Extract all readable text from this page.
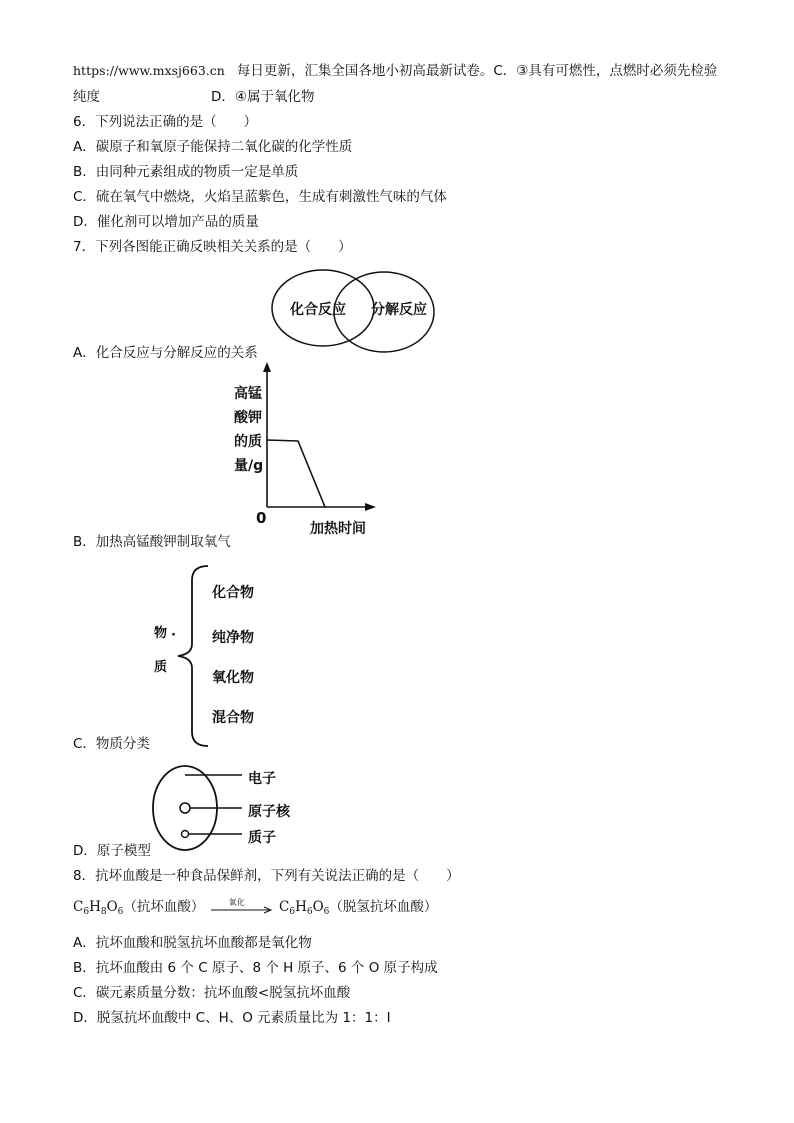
https://www.mxsj663.cn 每日更新，汇集全国各地小初高最新试卷。C．③具有可燃性，点燃时必须先检验
纯度	D．④属于氧化物
6．下列说法正确的是（　　）
A．碳原子和氧原子能保持二氧化碳的化学性质
B．由同种元素组成的物质一定是单质
C．硫在氧气中燃烧，火焰呈蓝紫色，生成有刺激性气味的气体
D．催化剂可以增加产品的质量
7．下列各图能正确反映相关关系的是（　　）
化合反应 分解反应
A．化合反应与分解反应的关系
高锰
酸钾
的质
量/g
0
加热时间
B．加热高锰酸钾制取氧气
物 ·
质
化合物
纯净物
氧化物
混合物
C．物质分类
电子
原子核
质子
D．原子模型
8．抗坏血酸是一种食品保鲜剂，下列有关说法正确的是（　　）
$C_6H_8O_6$（抗坏血酸）	氧化	$C_6H_6O_6$（脱氢抗坏血酸）
A．抗坏血酸和脱氢抗坏血酸都是氧化物
B．抗坏血酸由 6 个 C 原子、8 个 H 原子、6 个 O 原子构成
C．碳元素质量分数：抗坏血酸<脱氢抗坏血酸
D．脱氢抗坏血酸中 C、H、O 元素质量比为 1：1：I
